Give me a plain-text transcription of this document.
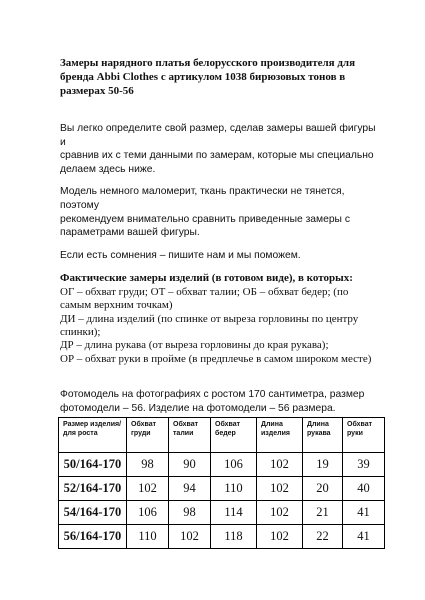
Замеры нарядного платья белорусского производителя для
бренда Abbi Clothes с артикулом 1038 бирюзовых тонов в
размерах 50-56

Вы легко определите свой размер, сделав замеры вашей фигуры и
сравнив их с теми данными по замерам, которые мы специально
делаем здесь ниже.

Модель немного маломерит, ткань практически не тянется, поэтому
рекомендуем внимательно сравнить приведенные замеры с
параметрами вашей фигуры.

Если есть сомнения – пишите нам и мы поможем.

Фактические замеры изделий (в готовом виде), в которых:
ОГ – обхват груди; ОТ – обхват талии; ОБ – обхват бедер; (по
самым верхним точкам)
ДИ – длина изделий (по спинке от выреза горловины по центру
спинки);
ДР – длина рукава (от выреза горловины до края рукава);
ОР – обхват руки в пройме (в предплечье в самом широком месте)

Фотомодель на фотографиях с ростом 170 сантиметра, размер
фотомодели – 56. Изделие на фотомодели – 56 размера.

Размер изделия/для роста	Обхват груди	Обхват талии	Обхват бедер	Длина изделия	Длина рукава	Обхват руки
50/164-170	98	90	106	102	19	39
52/164-170	102	94	110	102	20	40
54/164-170	106	98	114	102	21	41
56/164-170	110	102	118	102	22	41
